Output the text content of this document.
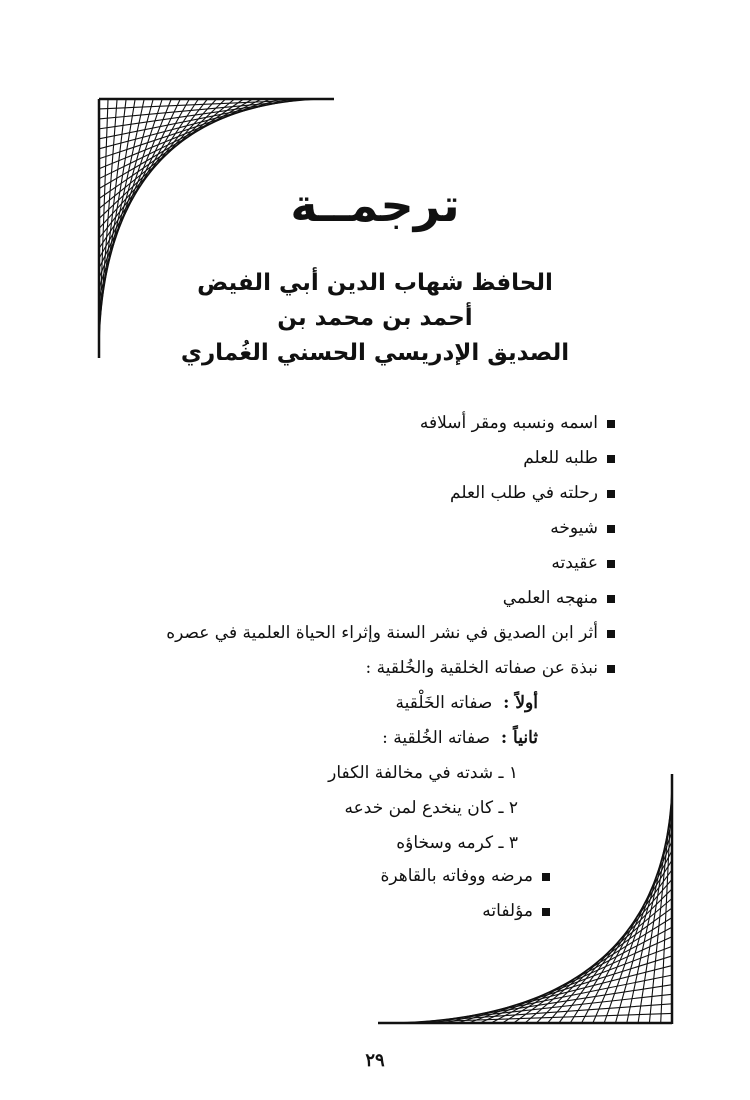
ترجمــة
الحافظ شهاب الدين أبي الفيض
أحمد بن محمد بن
الصديق الإدريسي الحسني الغُماري
اسمه ونسبه ومقر أسلافه
طلبه للعلم
رحلته في طلب العلم
شيوخه
عقيدته
منهجه العلمي
أثر ابن الصديق في نشر السنة وإثراء الحياة العلمية في عصره
نبذة عن صفاته الخلقية والخُلقية :
أولاً :  صفاته الخَلْقية
ثانياً :  صفاته الخُلقية :
١ ـ شدته في مخالفة الكفار
٢ ـ كان ينخدع لمن خدعه
٣ ـ كرمه وسخاؤه
مرضه ووفاته بالقاهرة
مؤلفاته
٢٩
